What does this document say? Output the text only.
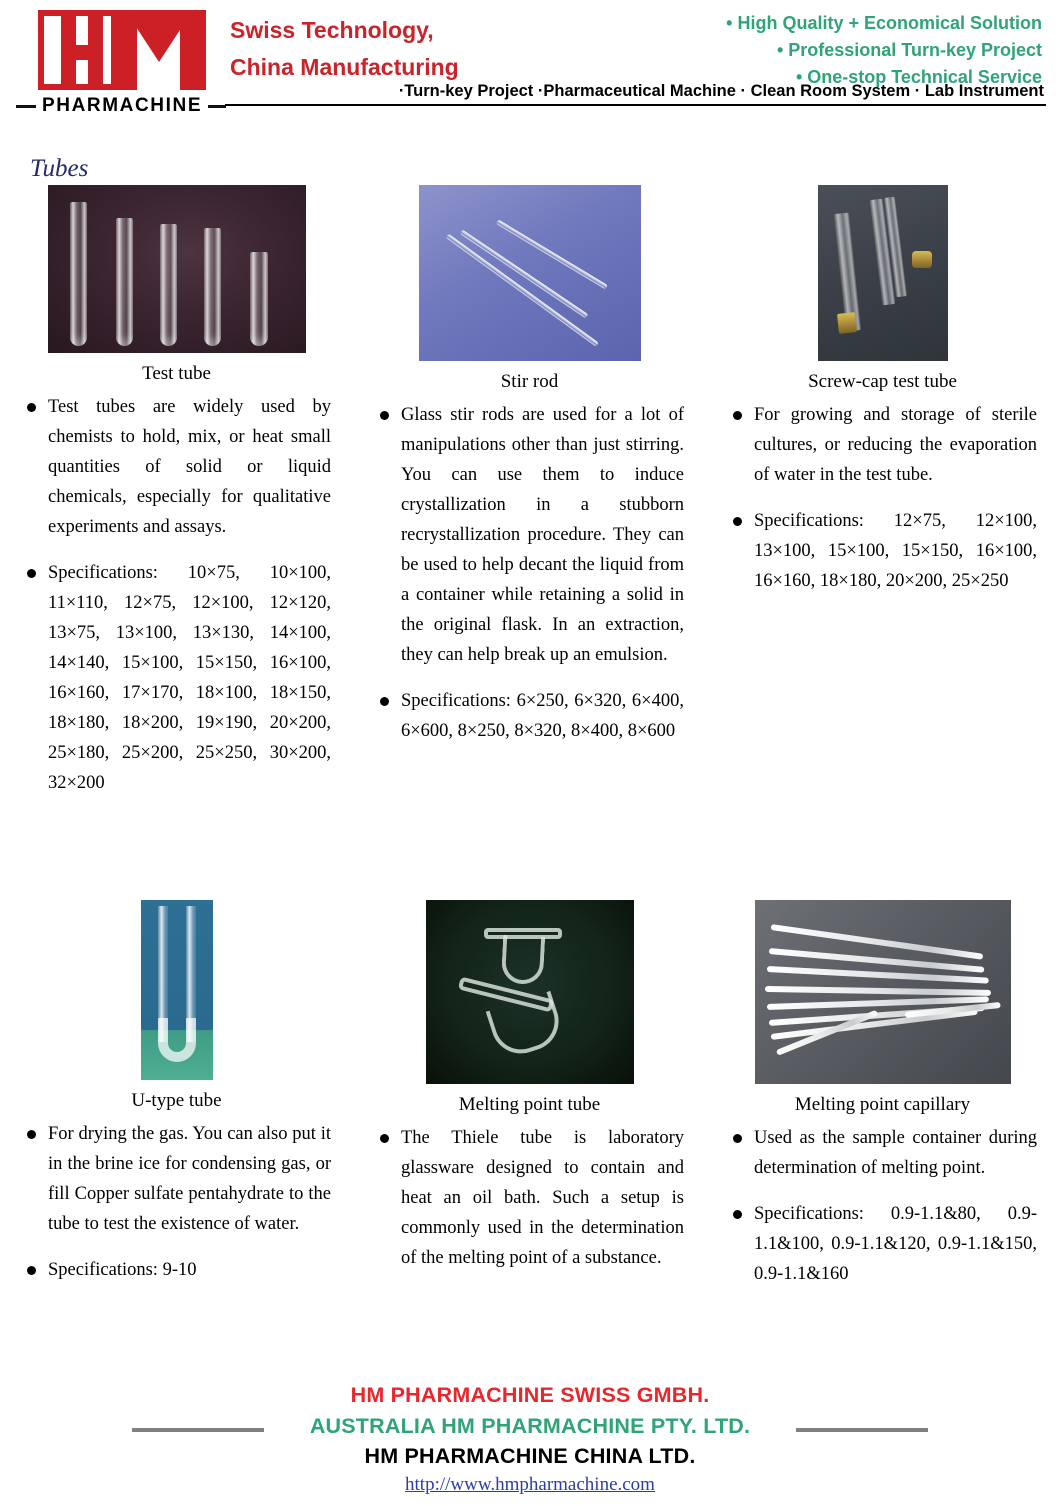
PHARMACHINE
Swiss Technology,
China Manufacturing
• High Quality + Economical Solution
• Professional Turn-key Project
• One-stop Technical Service
·Turn-key Project ·Pharmaceutical Machine · Clean Room System · Lab Instrument
Tubes
Test tube
Test tubes are widely used by chemists to hold, mix, or heat small quantities of solid or liquid chemicals, especially for qualitative experiments and assays.
Specifications: 10×75, 10×100, 11×110, 12×75, 12×100, 12×120, 13×75, 13×100, 13×130, 14×100, 14×140, 15×100, 15×150, 16×100, 16×160, 17×170, 18×100, 18×150, 18×180, 18×200, 19×190, 20×200, 25×180, 25×200, 25×250, 30×200, 32×200
Stir rod
Glass stir rods are used for a lot of manipulations other than just stirring. You can use them to induce crystallization in a stubborn recrystallization procedure. They can be used to help decant the liquid from a container while retaining a solid in the original flask. In an extraction, they can help break up an emulsion.
Specifications: 6×250, 6×320, 6×400, 6×600, 8×250, 8×320, 8×400, 8×600
Screw-cap test tube
For growing and storage of sterile cultures, or reducing the evaporation of water in the test tube.
Specifications: 12×75, 12×100, 13×100, 15×100, 15×150, 16×100, 16×160, 18×180, 20×200, 25×250
U-type tube
For drying the gas. You can also put it in the brine ice for condensing gas, or fill Copper sulfate pentahydrate to the tube to test the existence of water.
Specifications: 9-10
Melting point tube
The Thiele tube is laboratory glassware designed to contain and heat an oil bath. Such a setup is commonly used in the determination of the melting point of a substance.
Melting point capillary
Used as the sample container during determination of melting point.
Specifications: 0.9-1.1&80, 0.9-1.1&100, 0.9-1.1&120, 0.9-1.1&150, 0.9-1.1&160
HM PHARMACHINE SWISS GMBH.
AUSTRALIA HM PHARMACHINE PTY. LTD.
HM PHARMACHINE CHINA LTD.
http://www.hmpharmachine.com
